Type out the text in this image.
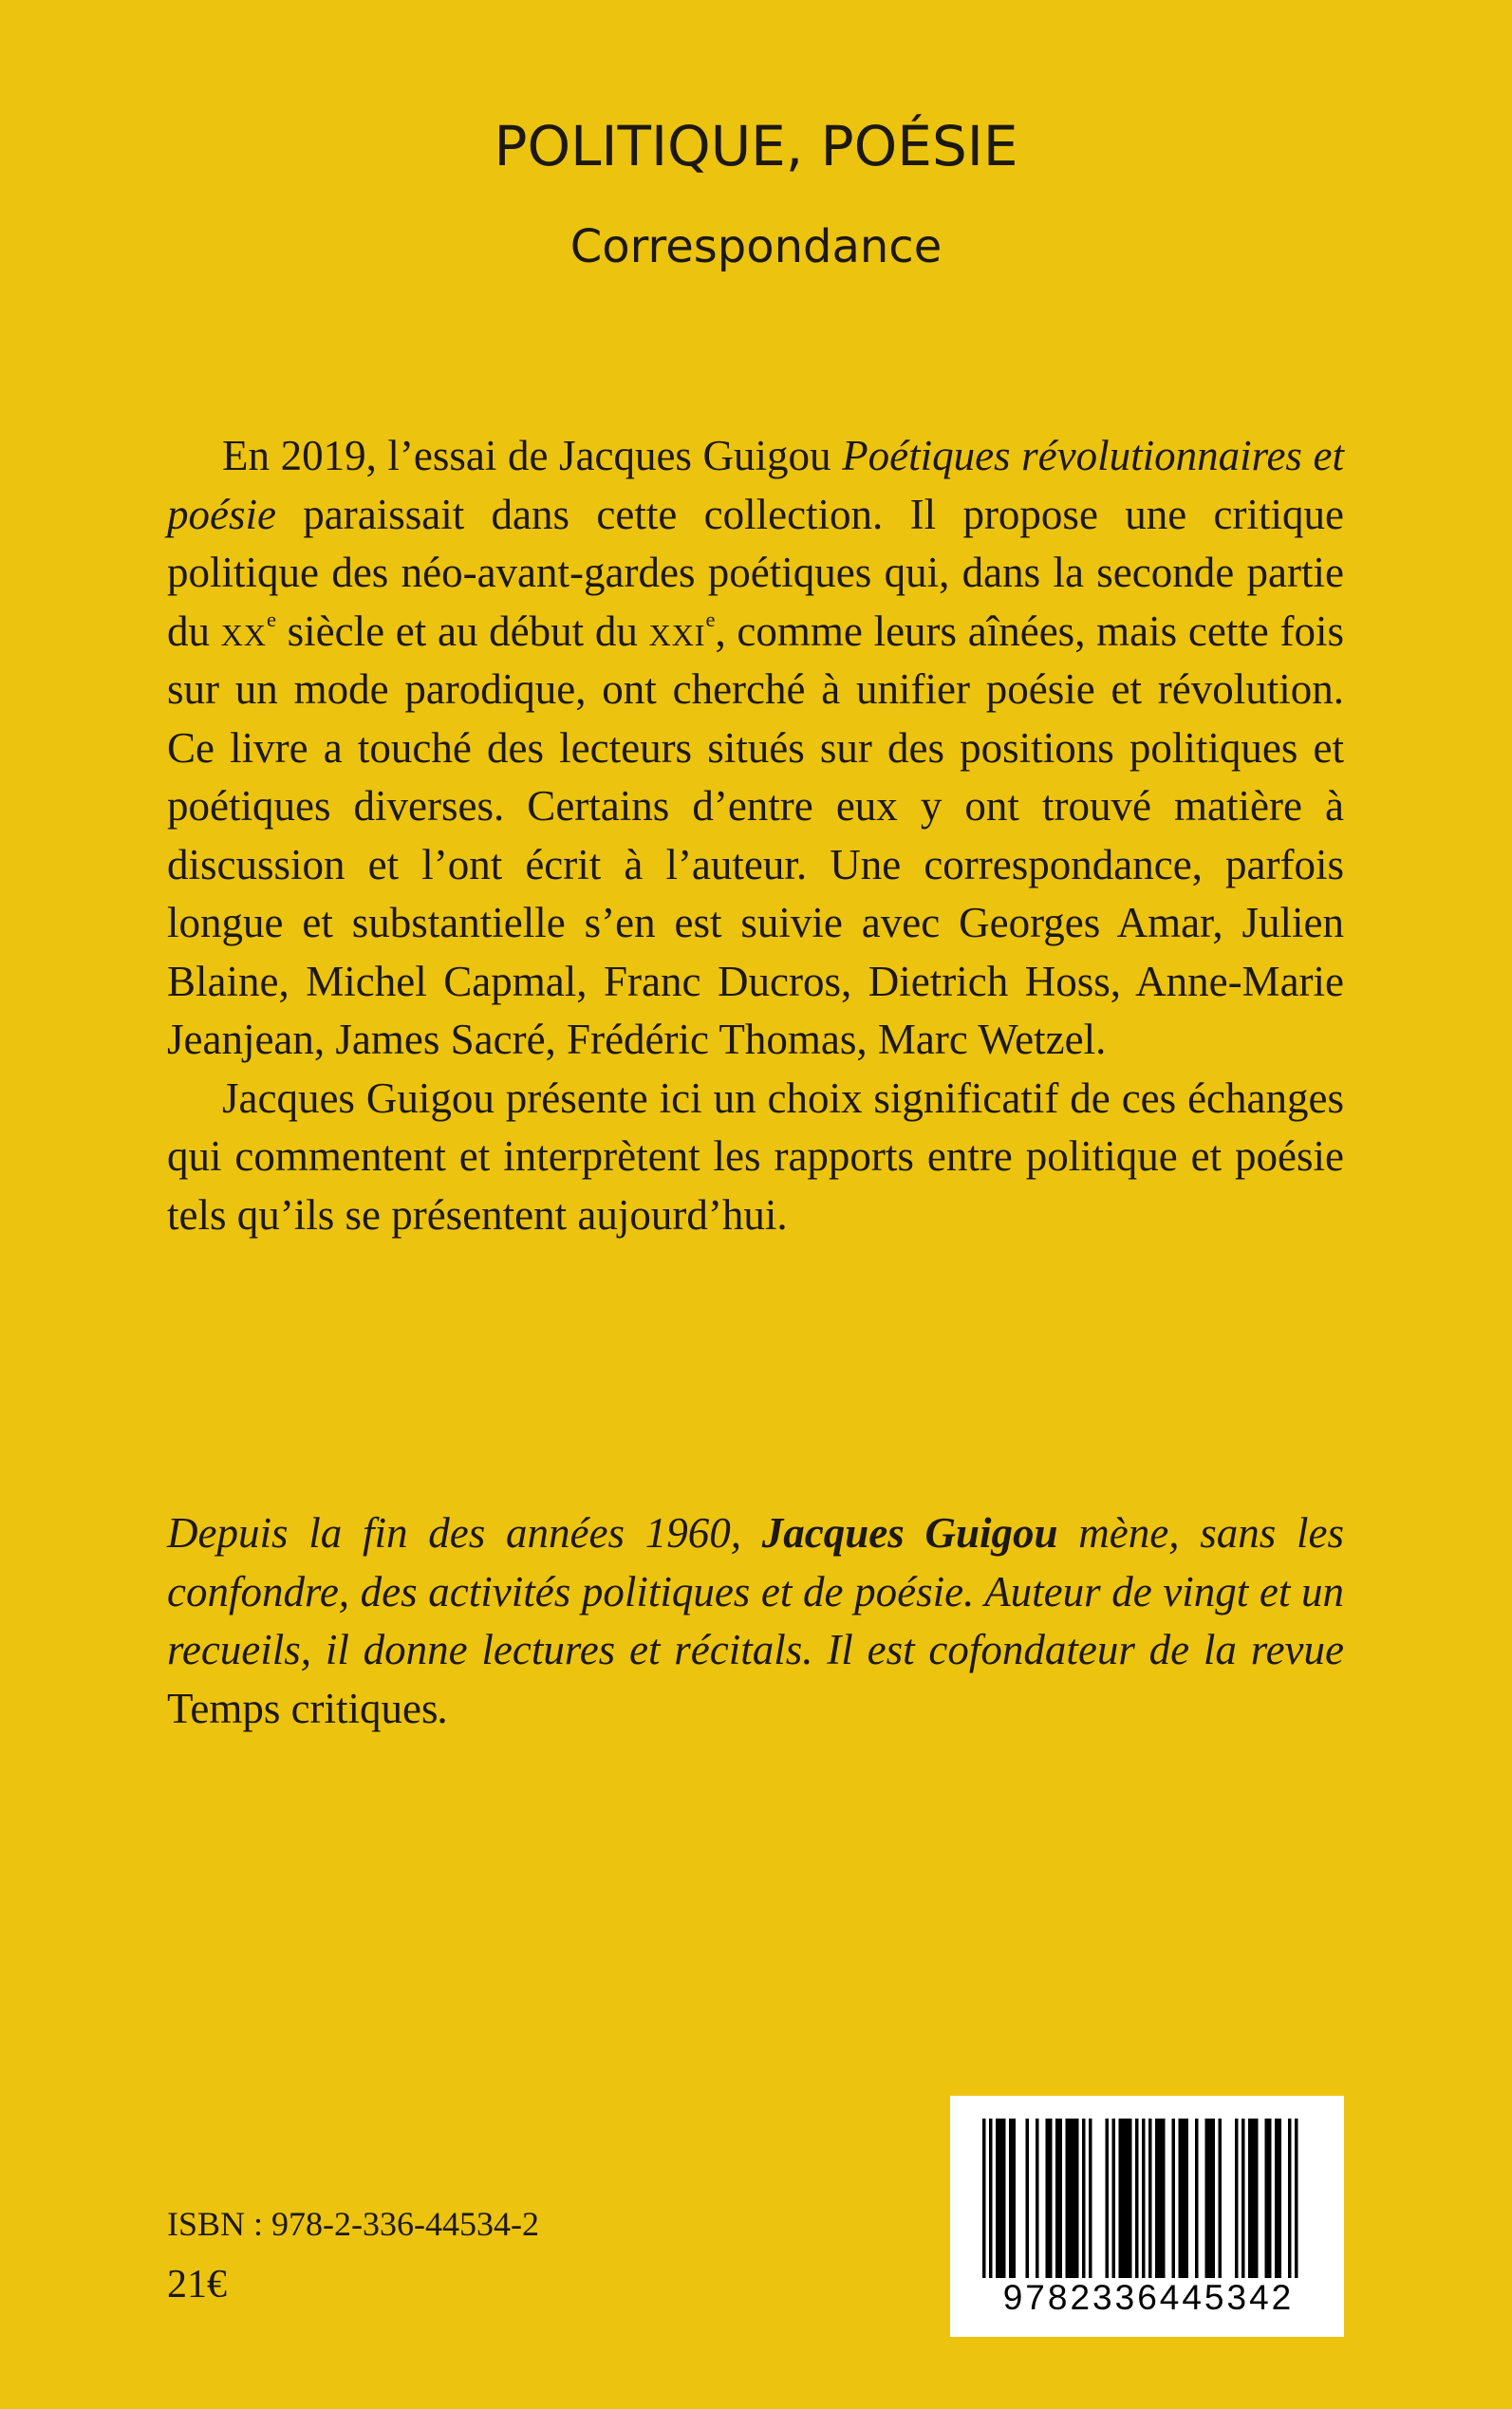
POLITIQUE, POÉSIE
Correspondance

En 2019, l’essai de Jacques Guigou Poétiques révolutionnaires et poésie paraissait dans cette collection. Il propose une critique politique des néo-avant-gardes poétiques qui, dans la seconde partie du $xx^e$ siècle et au début du xxi$^e$, comme leurs aînées, mais cette fois sur un mode parodique, ont cherché à unifier poésie et révolution. Ce livre a touché des lecteurs situés sur des positions politiques et poétiques diverses. Certains d’entre eux y ont trouvé matière à discussion et l’ont écrit à l’auteur. Une correspondance, parfois longue et substantielle s’en est suivie avec Georges Amar, Julien Blaine, Michel Capmal, Franc Ducros, Dietrich Hoss, Anne-Marie Jeanjean, James Sacré, Frédéric Thomas, Marc Wetzel.

Jacques Guigou présente ici un choix significatif de ces échanges qui commentent et interprètent les rapports entre politique et poésie tels qu’ils se présentent aujourd’hui.

Depuis la fin des années 1960, Jacques Guigou mène, sans les confondre, des activités politiques et de poésie. Auteur de vingt et un recueils, il donne lectures et récitals. Il est cofondateur de la revue Temps critiques.

ISBN : 978-2-336-44534-2
21€	9782336445342
